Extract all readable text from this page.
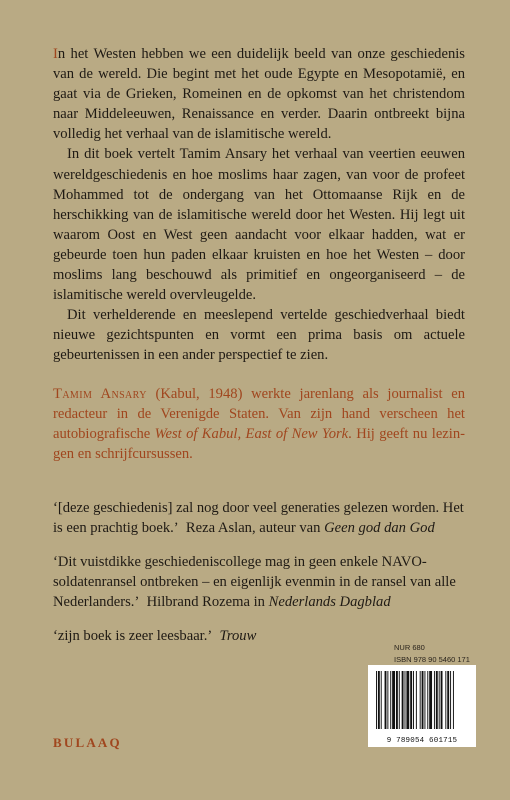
In het Westen hebben we een duidelijk beeld van onze geschiedenis van de wereld. Die begint met het oude Egypte en Mesopotamië, en gaat via de Grieken, Romeinen en de opkomst van het christendom naar Middeleeuwen, Renaissance en verder. Daarin ontbreekt bijna volledig het verhaal van de islamitische wereld.

In dit boek vertelt Tamim Ansary het verhaal van veertien eeuwen wereldgeschiedenis en hoe moslims haar zagen, van voor de profeet Mohammed tot de ondergang van het Ottomaanse Rijk en de herschikking van de islamitische wereld door het Westen. Hij legt uit waarom Oost en West geen aandacht voor elkaar hadden, wat er gebeurde toen hun paden elkaar kruisten en hoe het Westen – door moslims lang beschouwd als primitief en ongeorganiseerd – de islamitische wereld overvleugelde.

Dit verhelderende en meeslepend vertelde geschiedverhaal biedt nieuwe gezichtspunten en vormt een prima basis om actuele gebeurtenissen in een ander perspectief te zien.

Tamim Ansary (Kabul, 1948) werkte jarenlang als journalist en redacteur in de Verenigde Staten. Van zijn hand verscheen het autobiografische West of Kabul, East of New York. Hij geeft nu lezingen en schrijfcursussen.

‘[deze geschiedenis] zal nog door veel generaties gelezen worden. Het is een prachtig boek.’ Reza Aslan, auteur van Geen god dan God

‘Dit vuistdikke geschiedeniscollege mag in geen enkele NAVO-soldatenransel ontbreken – en eigenlijk evenmin in de ransel van alle Nederlanders.’ Hilbrand Rozema in Nederlands Dagblad

‘zijn boek is zeer leesbaar.’ Trouw

NUR 680
ISBN 978 90 5460 171
BULAAQ	9 789054 601715
